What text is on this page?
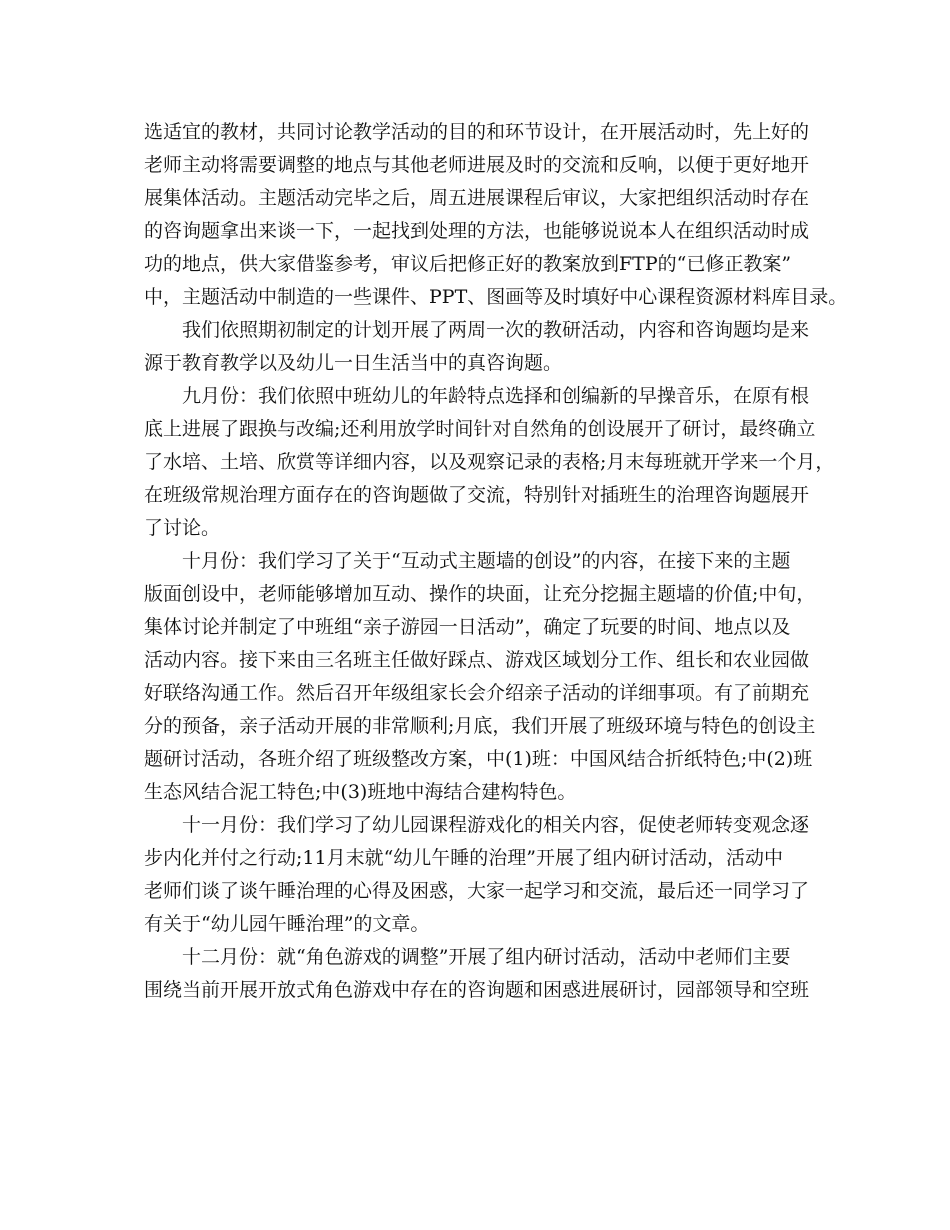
选适宜的教材，共同讨论教学活动的目的和环节设计，在开展活动时，先上好的
老师主动将需要调整的地点与其他老师进展及时的交流和反响，以便于更好地开
展集体活动。主题活动完毕之后，周五进展课程后审议，大家把组织活动时存在
的咨询题拿出来谈一下，一起找到处理的方法，也能够说说本人在组织活动时成
功的地点，供大家借鉴参考，审议后把修正好的教案放到FTP的“已修正教案”
中，主题活动中制造的一些课件、PPT、图画等及时填好中心课程资源材料库目录。

我们依照期初制定的计划开展了两周一次的教研活动，内容和咨询题均是来
源于教育教学以及幼儿一日生活当中的真咨询题。

九月份：我们依照中班幼儿的年龄特点选择和创编新的早操音乐，在原有根
底上进展了跟换与改编;还利用放学时间针对自然角的创设展开了研讨，最终确立
了水培、土培、欣赏等详细内容，以及观察记录的表格;月末每班就开学来一个月，
在班级常规治理方面存在的咨询题做了交流，特别针对插班生的治理咨询题展开
了讨论。

十月份：我们学习了关于“互动式主题墙的创设”的内容，在接下来的主题
版面创设中，老师能够增加互动、操作的块面，让充分挖掘主题墙的价值;中旬，
集体讨论并制定了中班组“亲子游园一日活动”，确定了玩要的时间、地点以及
活动内容。接下来由三名班主任做好踩点、游戏区域划分工作、组长和农业园做
好联络沟通工作。然后召开年级组家长会介绍亲子活动的详细事项。有了前期充
分的预备，亲子活动开展的非常顺利;月底，我们开展了班级环境与特色的创设主
题研讨活动，各班介绍了班级整改方案，中(1)班：中国风结合折纸特色;中(2)班
生态风结合泥工特色;中(3)班地中海结合建构特色。

十一月份：我们学习了幼儿园课程游戏化的相关内容，促使老师转变观念逐
步内化并付之行动;11月末就“幼儿午睡的治理”开展了组内研讨活动，活动中
老师们谈了谈午睡治理的心得及困惑，大家一起学习和交流，最后还一同学习了
有关于“幼儿园午睡治理”的文章。

十二月份：就“角色游戏的调整”开展了组内研讨活动，活动中老师们主要
围绕当前开展开放式角色游戏中存在的咨询题和困惑进展研讨，园部领导和空班
